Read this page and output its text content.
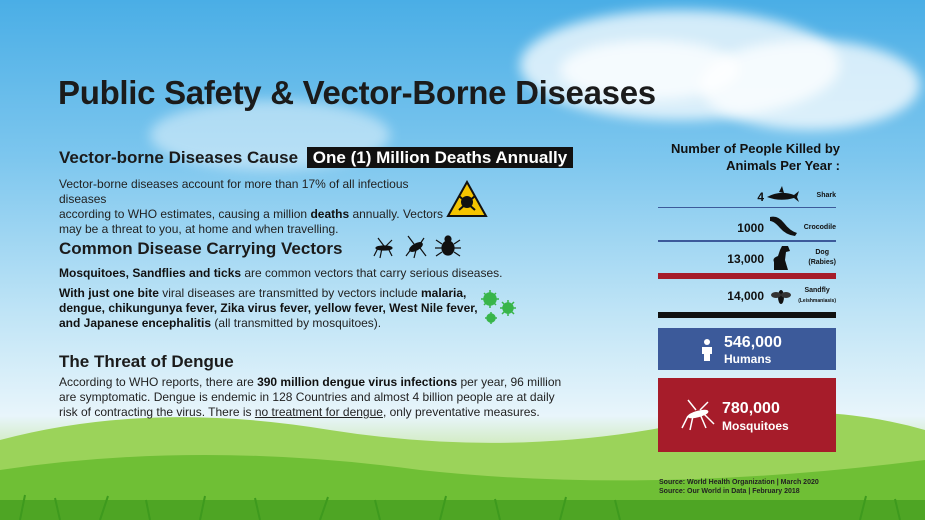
Public Safety & Vector-Borne Diseases
Vector-borne Diseases Cause One (1) Million Deaths Annually
Vector-borne diseases account for more than 17% of all infectious diseases
according to WHO estimates, causing a million deaths annually. Vectors
may be a threat to you, at home and when travelling.
Common Disease Carrying Vectors
Mosquitoes, Sandflies and ticks are common vectors that carry serious diseases.
With just one bite viral diseases are transmitted by vectors include malaria,
dengue, chikungunya fever, Zika virus fever, yellow fever, West Nile fever,
and Japanese encephalitis (all transmitted by mosquitoes).
The Threat of Dengue
According to WHO reports, there are 390 million dengue virus infections per year, 96 million
are symptomatic. Dengue is endemic in 128 Countries and almost 4 billion people are at daily
risk of contracting the virus. There is no treatment for dengue, only preventative measures.
Number of People Killed by
Animals Per Year :
4	Shark
1000	Crocodile
13,000	Dog
(Rabies)
14,000	Sandfly
(Leishmaniasis)
546,000
Humans
780,000
Mosquitoes
Source: World Health Organization | March 2020
Source: Our World in Data | February 2018
